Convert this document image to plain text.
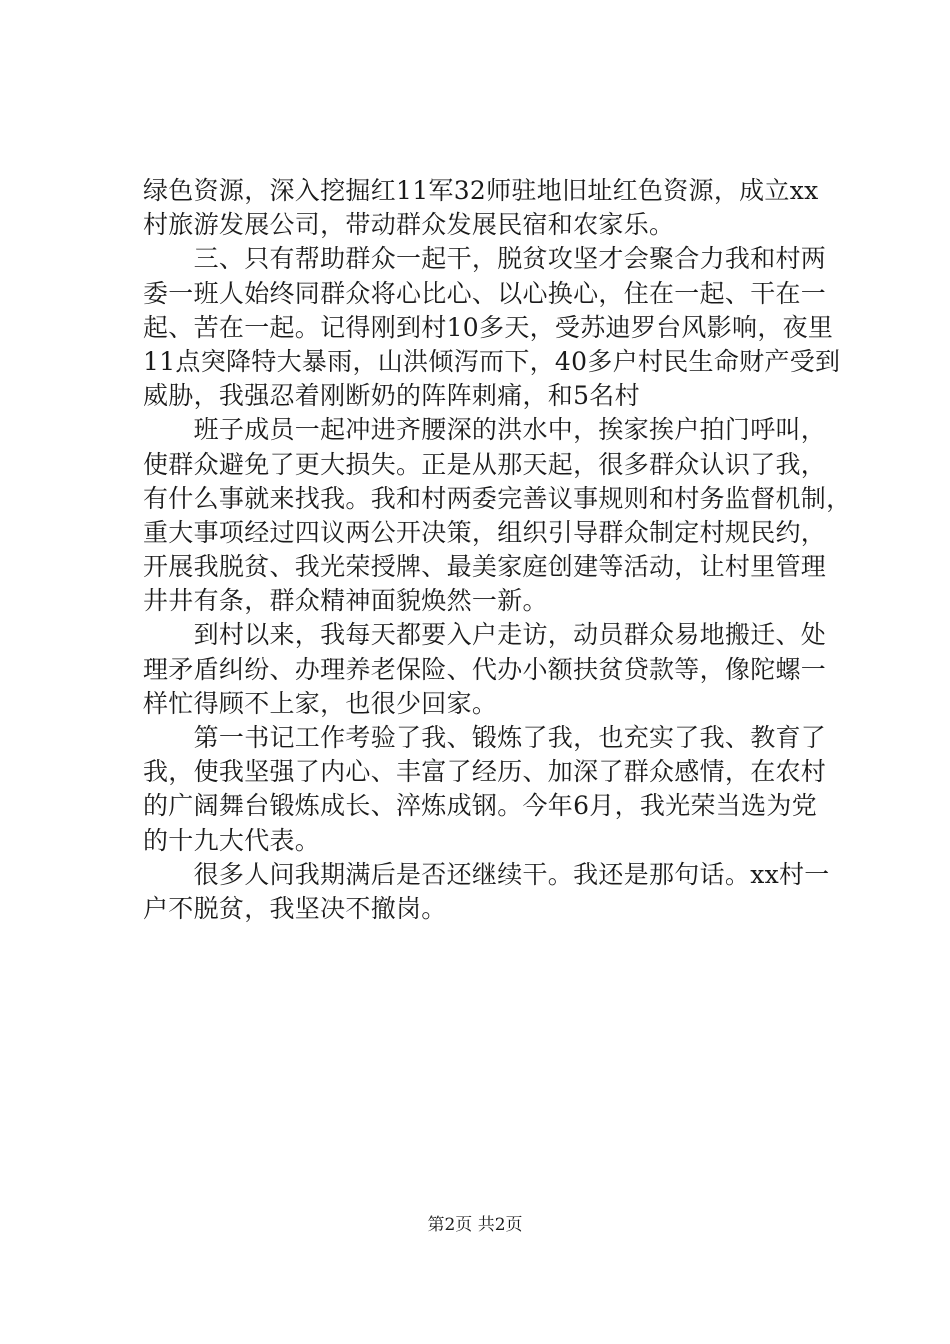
绿色资源，深入挖掘红11军32师驻地旧址红色资源，成立xx

村旅游发展公司，带动群众发展民宿和农家乐。

　　三、只有帮助群众一起干，脱贫攻坚才会聚合力我和村两

委一班人始终同群众将心比心、以心换心，住在一起、干在一

起、苦在一起。记得刚到村10多天，受苏迪罗台风影响，夜里

11点突降特大暴雨，山洪倾泻而下，40多户村民生命财产受到

威胁，我强忍着刚断奶的阵阵刺痛，和5名村

　　班子成员一起冲进齐腰深的洪水中，挨家挨户拍门呼叫，

使群众避免了更大损失。正是从那天起，很多群众认识了我，

有什么事就来找我。我和村两委完善议事规则和村务监督机制，

重大事项经过四议两公开决策，组织引导群众制定村规民约，

开展我脱贫、我光荣授牌、最美家庭创建等活动，让村里管理

井井有条，群众精神面貌焕然一新。

　　到村以来，我每天都要入户走访，动员群众易地搬迁、处

理矛盾纠纷、办理养老保险、代办小额扶贫贷款等，像陀螺一

样忙得顾不上家，也很少回家。

　　第一书记工作考验了我、锻炼了我，也充实了我、教育了

我，使我坚强了内心、丰富了经历、加深了群众感情，在农村

的广阔舞台锻炼成长、淬炼成钢。今年6月，我光荣当选为党

的十九大代表。

　　很多人问我期满后是否还继续干。我还是那句话。xx村一

户不脱贫，我坚决不撤岗。

第2页 共2页
